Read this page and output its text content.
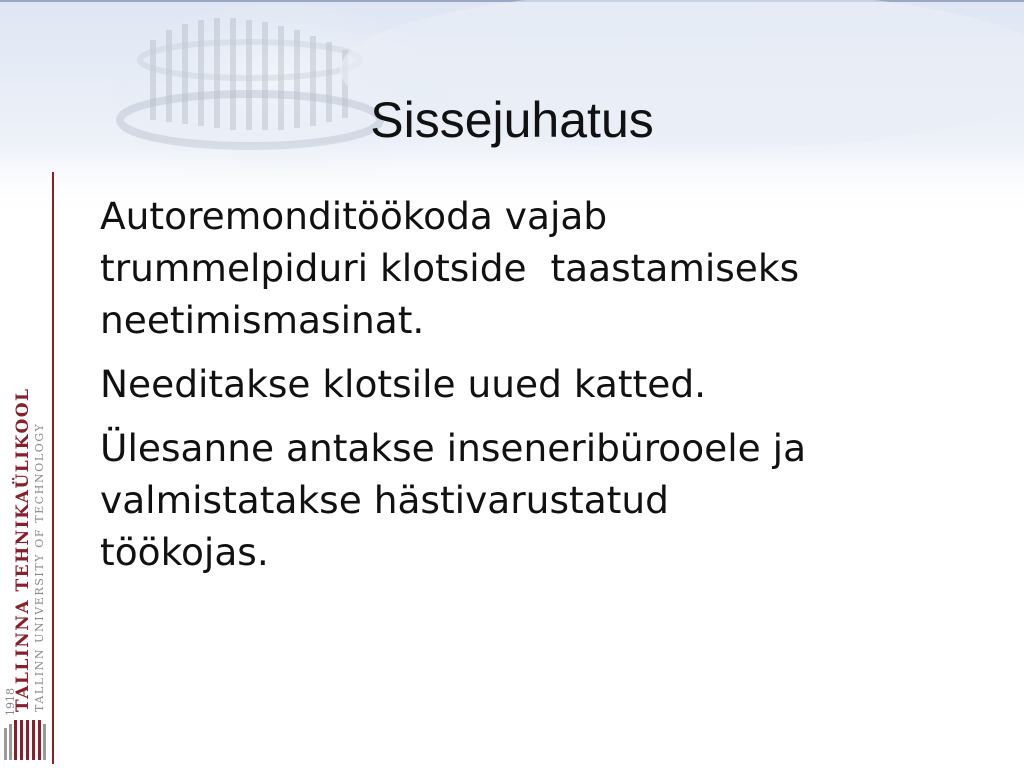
Sissejuhatus
1918
TALLINNA TEHNIKAÜLIKOOL TALLINN UNIVERSITY OF TECHNOLOGY

Autoremonditöökoda vajab
trummelpiduri klotside  taastamiseks
neetimismasinat.

Needitakse klotsile uued katted.

Ülesanne antakse inseneribürooele ja
valmistatakse hästivarustatud
töökojas.
